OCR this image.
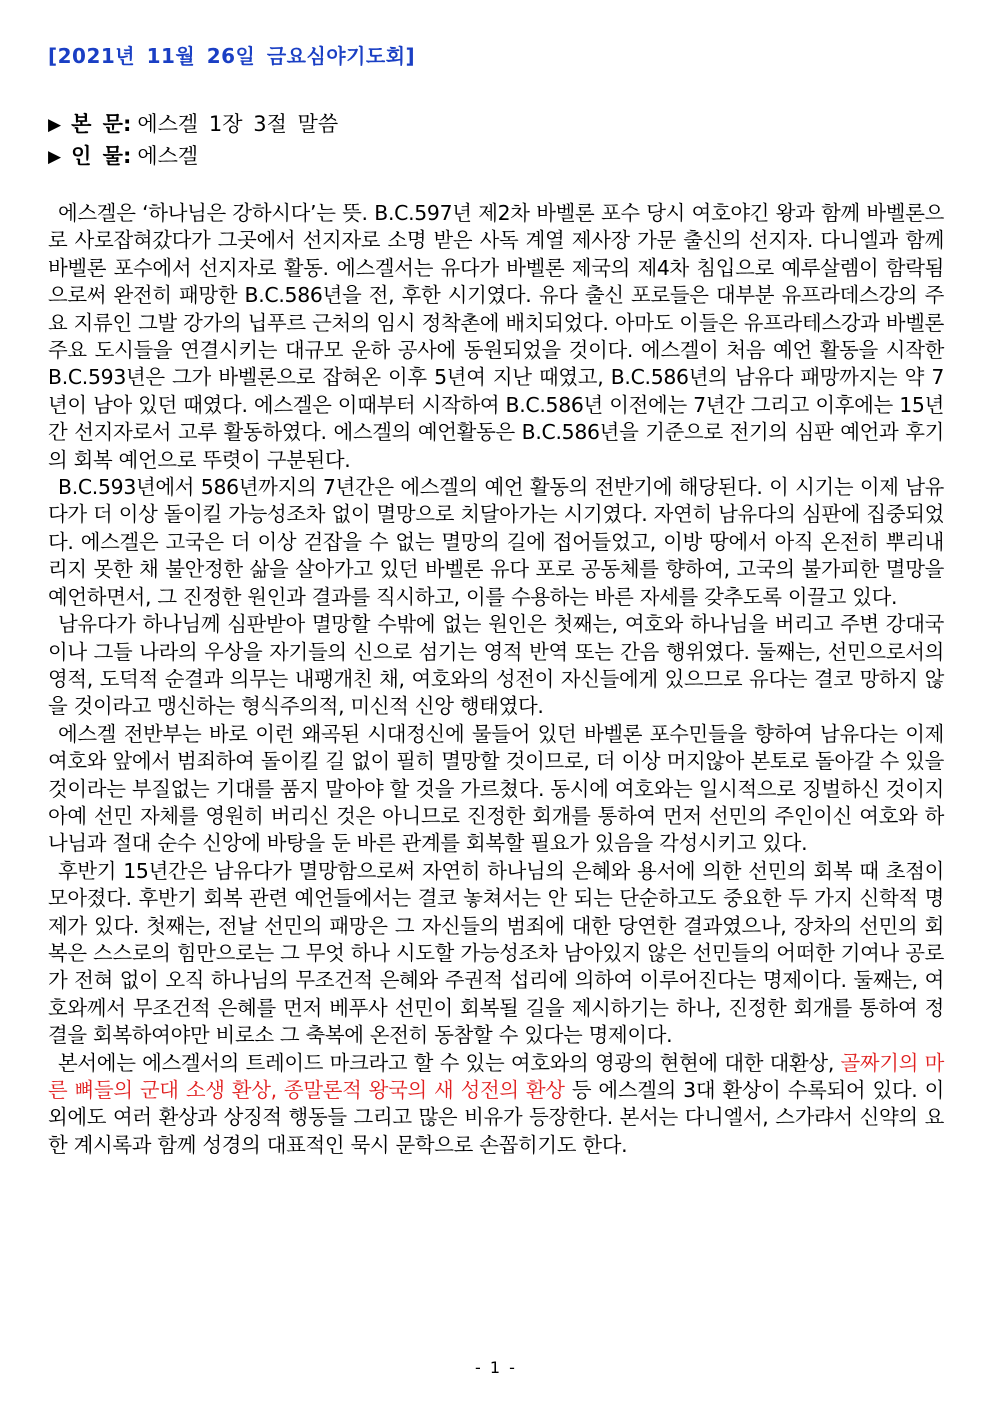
[2021년 11월 26일 금요심야기도회]
▶ 본 문: 에스겔 1장 3절 말씀
▶ 인 물: 에스겔

에스겔은 ‘하나님은 강하시다’는 뜻. B.C.597년 제2차 바벨론 포수 당시 여호야긴 왕과 함께 바벨론으로 사로잡혀갔다가 그곳에서 선지자로 소명 받은 사독 계열 제사장 가문 출신의 선지자. 다니엘과 함께 바벨론 포수에서 선지자로 활동. 에스겔서는 유다가 바벨론 제국의 제4차 침입으로 예루살렘이 함락됨으로써 완전히 패망한 B.C.586년을 전, 후한 시기였다. 유다 출신 포로들은 대부분 유프라데스강의 주요 지류인 그발 강가의 닙푸르 근처의 임시 정착촌에 배치되었다. 아마도 이들은 유프라테스강과 바벨론 주요 도시들을 연결시키는 대규모 운하 공사에 동원되었을 것이다. 에스겔이 처음 예언 활동을 시작한 B.C.593년은 그가 바벨론으로 잡혀온 이후 5년여 지난 때였고, B.C.586년의 남유다 패망까지는 약 7년이 남아 있던 때였다. 에스겔은 이때부터 시작하여 B.C.586년 이전에는 7년간 그리고 이후에는 15년간 선지자로서 고루 활동하였다. 에스겔의 예언활동은 B.C.586년을 기준으로 전기의 심판 예언과 후기의 회복 예언으로 뚜렷이 구분된다.

B.C.593년에서 586년까지의 7년간은 에스겔의 예언 활동의 전반기에 해당된다. 이 시기는 이제 남유다가 더 이상 돌이킬 가능성조차 없이 멸망으로 치달아가는 시기였다. 자연히 남유다의 심판에 집중되었다. 에스겔은 고국은 더 이상 걷잡을 수 없는 멸망의 길에 접어들었고, 이방 땅에서 아직 온전히 뿌리내리지 못한 채 불안정한 삶을 살아가고 있던 바벨론 유다 포로 공동체를 향하여, 고국의 불가피한 멸망을 예언하면서, 그 진정한 원인과 결과를 직시하고, 이를 수용하는 바른 자세를 갖추도록 이끌고 있다.

남유다가 하나님께 심판받아 멸망할 수밖에 없는 원인은 첫째는, 여호와 하나님을 버리고 주변 강대국이나 그들 나라의 우상을 자기들의 신으로 섬기는 영적 반역 또는 간음 행위였다. 둘째는, 선민으로서의 영적, 도덕적 순결과 의무는 내팽개친 채, 여호와의 성전이 자신들에게 있으므로 유다는 결코 망하지 않을 것이라고 맹신하는 형식주의적, 미신적 신앙 행태였다.

에스겔 전반부는 바로 이런 왜곡된 시대정신에 물들어 있던 바벨론 포수민들을 향하여 남유다는 이제 여호와 앞에서 범죄하여 돌이킬 길 없이 필히 멸망할 것이므로, 더 이상 머지않아 본토로 돌아갈 수 있을 것이라는 부질없는 기대를 품지 말아야 할 것을 가르쳤다. 동시에 여호와는 일시적으로 징벌하신 것이지 아예 선민 자체를 영원히 버리신 것은 아니므로 진정한 회개를 통하여 먼저 선민의 주인이신 여호와 하나님과 절대 순수 신앙에 바탕을 둔 바른 관계를 회복할 필요가 있음을 각성시키고 있다.

후반기 15년간은 남유다가 멸망함으로써 자연히 하나님의 은혜와 용서에 의한 선민의 회복 때 초점이 모아졌다. 후반기 회복 관련 예언들에서는 결코 놓쳐서는 안 되는 단순하고도 중요한 두 가지 신학적 명제가 있다. 첫째는, 전날 선민의 패망은 그 자신들의 범죄에 대한 당연한 결과였으나, 장차의 선민의 회복은 스스로의 힘만으로는 그 무엇 하나 시도할 가능성조차 남아있지 않은 선민들의 어떠한 기여나 공로가 전혀 없이 오직 하나님의 무조건적 은혜와 주권적 섭리에 의하여 이루어진다는 명제이다. 둘째는, 여호와께서 무조건적 은혜를 먼저 베푸사 선민이 회복될 길을 제시하기는 하나, 진정한 회개를 통하여 정결을 회복하여야만 비로소 그 축복에 온전히 동참할 수 있다는 명제이다.

본서에는 에스겔서의 트레이드 마크라고 할 수 있는 여호와의 영광의 현현에 대한 대환상, 골짜기의 마른 뼈들의 군대 소생 환상, 종말론적 왕국의 새 성전의 환상 등 에스겔의 3대 환상이 수록되어 있다. 이외에도 여러 환상과 상징적 행동들 그리고 많은 비유가 등장한다. 본서는 다니엘서, 스가랴서 신약의 요한 계시록과 함께 성경의 대표적인 묵시 문학으로 손꼽히기도 한다.

- 1 -
